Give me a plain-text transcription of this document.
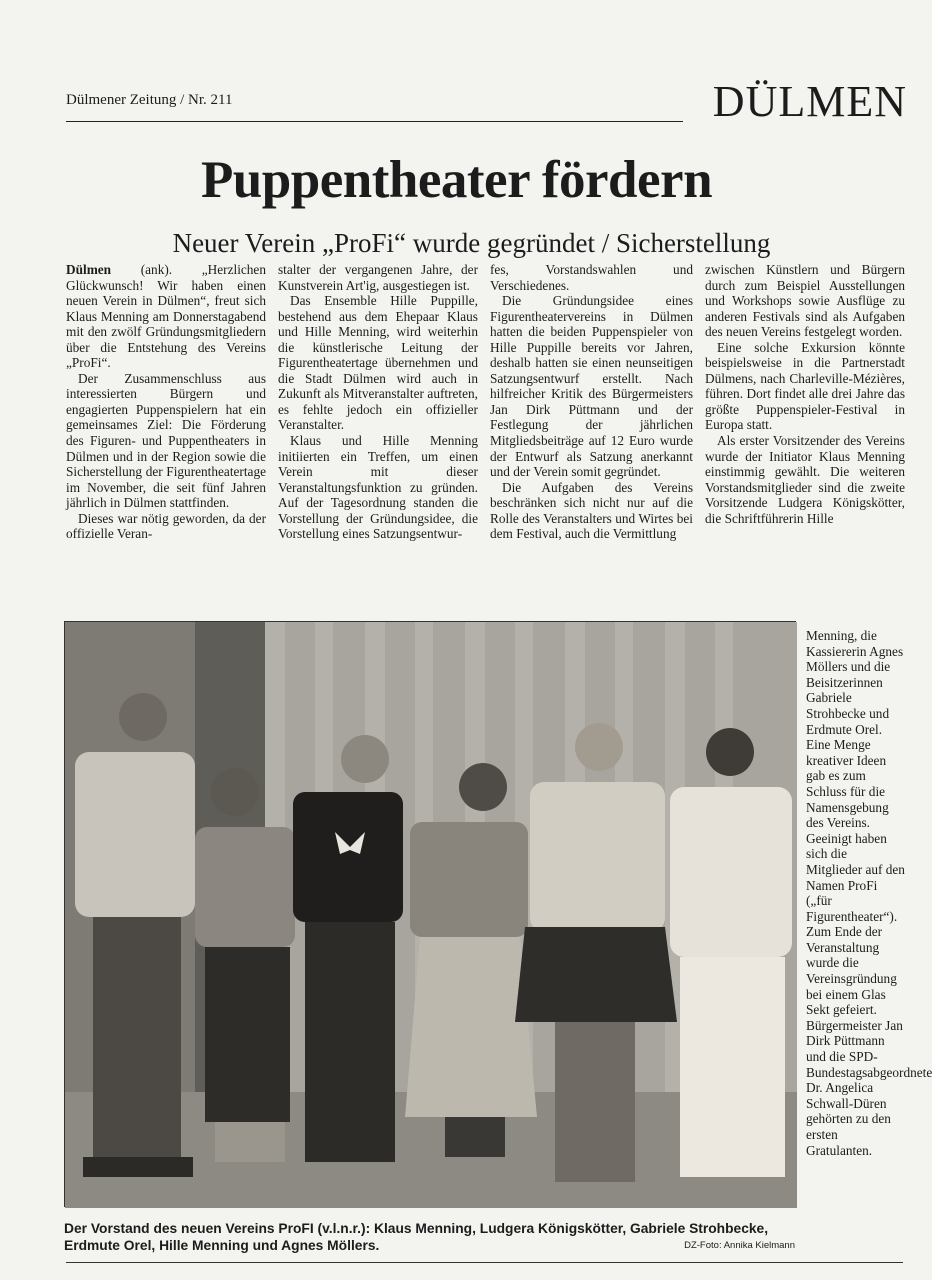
Dülmener Zeitung / Nr. 211	DÜLMEN
Puppentheater fördern
Neuer Verein „ProFi“ wurde gegründet / Sicherstellung

Dülmen (ank). „Herzlichen Glückwunsch! Wir haben einen neuen Verein in Dülmen“, freut sich Klaus Menning am Donnerstagabend mit den zwölf Gründungsmitgliedern über die Entstehung des Vereins „ProFi“.

Der Zusammenschluss aus interessierten Bürgern und engagierten Puppenspielern hat ein gemeinsames Ziel: Die Förderung des Figuren- und Puppentheaters in Dülmen und in der Region sowie die Sicherstellung der Figurentheatertage im November, die seit fünf Jahren jährlich in Dülmen stattfinden.

Dieses war nötig geworden, da der offizielle Veran-

stalter der vergangenen Jahre, der Kunstverein Art'ig, ausgestiegen ist.

Das Ensemble Hille Puppille, bestehend aus dem Ehepaar Klaus und Hille Menning, wird weiterhin die künstlerische Leitung der Figurentheatertage übernehmen und die Stadt Dülmen wird auch in Zukunft als Mitveranstalter auftreten, es fehlte jedoch ein offizieller Veranstalter.

Klaus und Hille Menning initiierten ein Treffen, um einen Verein mit dieser Veranstaltungsfunktion zu gründen. Auf der Tagesordnung standen die Vorstellung der Gründungsidee, die Vorstellung eines Satzungsentwur-

fes, Vorstandswahlen und Verschiedenes.

Die Gründungsidee eines Figurentheatervereins in Dülmen hatten die beiden Puppenspieler von Hille Puppille bereits vor Jahren, deshalb hatten sie einen neunseitigen Satzungsentwurf erstellt. Nach hilfreicher Kritik des Bürgermeisters Jan Dirk Püttmann und der Festlegung der jährlichen Mitgliedsbeiträge auf 12 Euro wurde der Entwurf als Satzung anerkannt und der Verein somit gegründet.

Die Aufgaben des Vereins beschränken sich nicht nur auf die Rolle des Veranstalters und Wirtes bei dem Festival, auch die Vermittlung

zwischen Künstlern und Bürgern durch zum Beispiel Ausstellungen und Workshops sowie Ausflüge zu anderen Festivals sind als Aufgaben des neuen Vereins festgelegt worden.

Eine solche Exkursion könnte beispielsweise in die Partnerstadt Dülmens, nach Charleville-Mézières, führen. Dort findet alle drei Jahre das größte Puppenspieler-Festival in Europa statt.

Als erster Vorsitzender des Vereins wurde der Initiator Klaus Menning einstimmig gewählt. Die weiteren Vorstandsmitglieder sind die zweite Vorsitzende Ludgera Königskötter, die Schriftführerin Hille

Menning, die Kassiererin Agnes Möllers und die Beisitzerinnen Gabriele Strohbecke und Erdmute Orel.

Eine Menge kreativer Ideen gab es zum Schluss für die Namensgebung des Vereins. Geeinigt haben sich die Mitglieder auf den Namen ProFi („für Figurentheater“). Zum Ende der Veranstaltung wurde die Vereinsgründung bei einem Glas Sekt gefeiert. Bürgermeister Jan Dirk Püttmann und die SPD-Bundestagsabgeordnete Dr. Angelica Schwall-Düren gehörten zu den ersten Gratulanten.

Der Vorstand des neuen Vereins ProFI (v.l.n.r.): Klaus Menning, Ludgera Königskötter, Gabriele Strohbecke, Erdmute Orel, Hille Menning und Agnes Möllers.	DZ-Foto: Annika Kielmann
